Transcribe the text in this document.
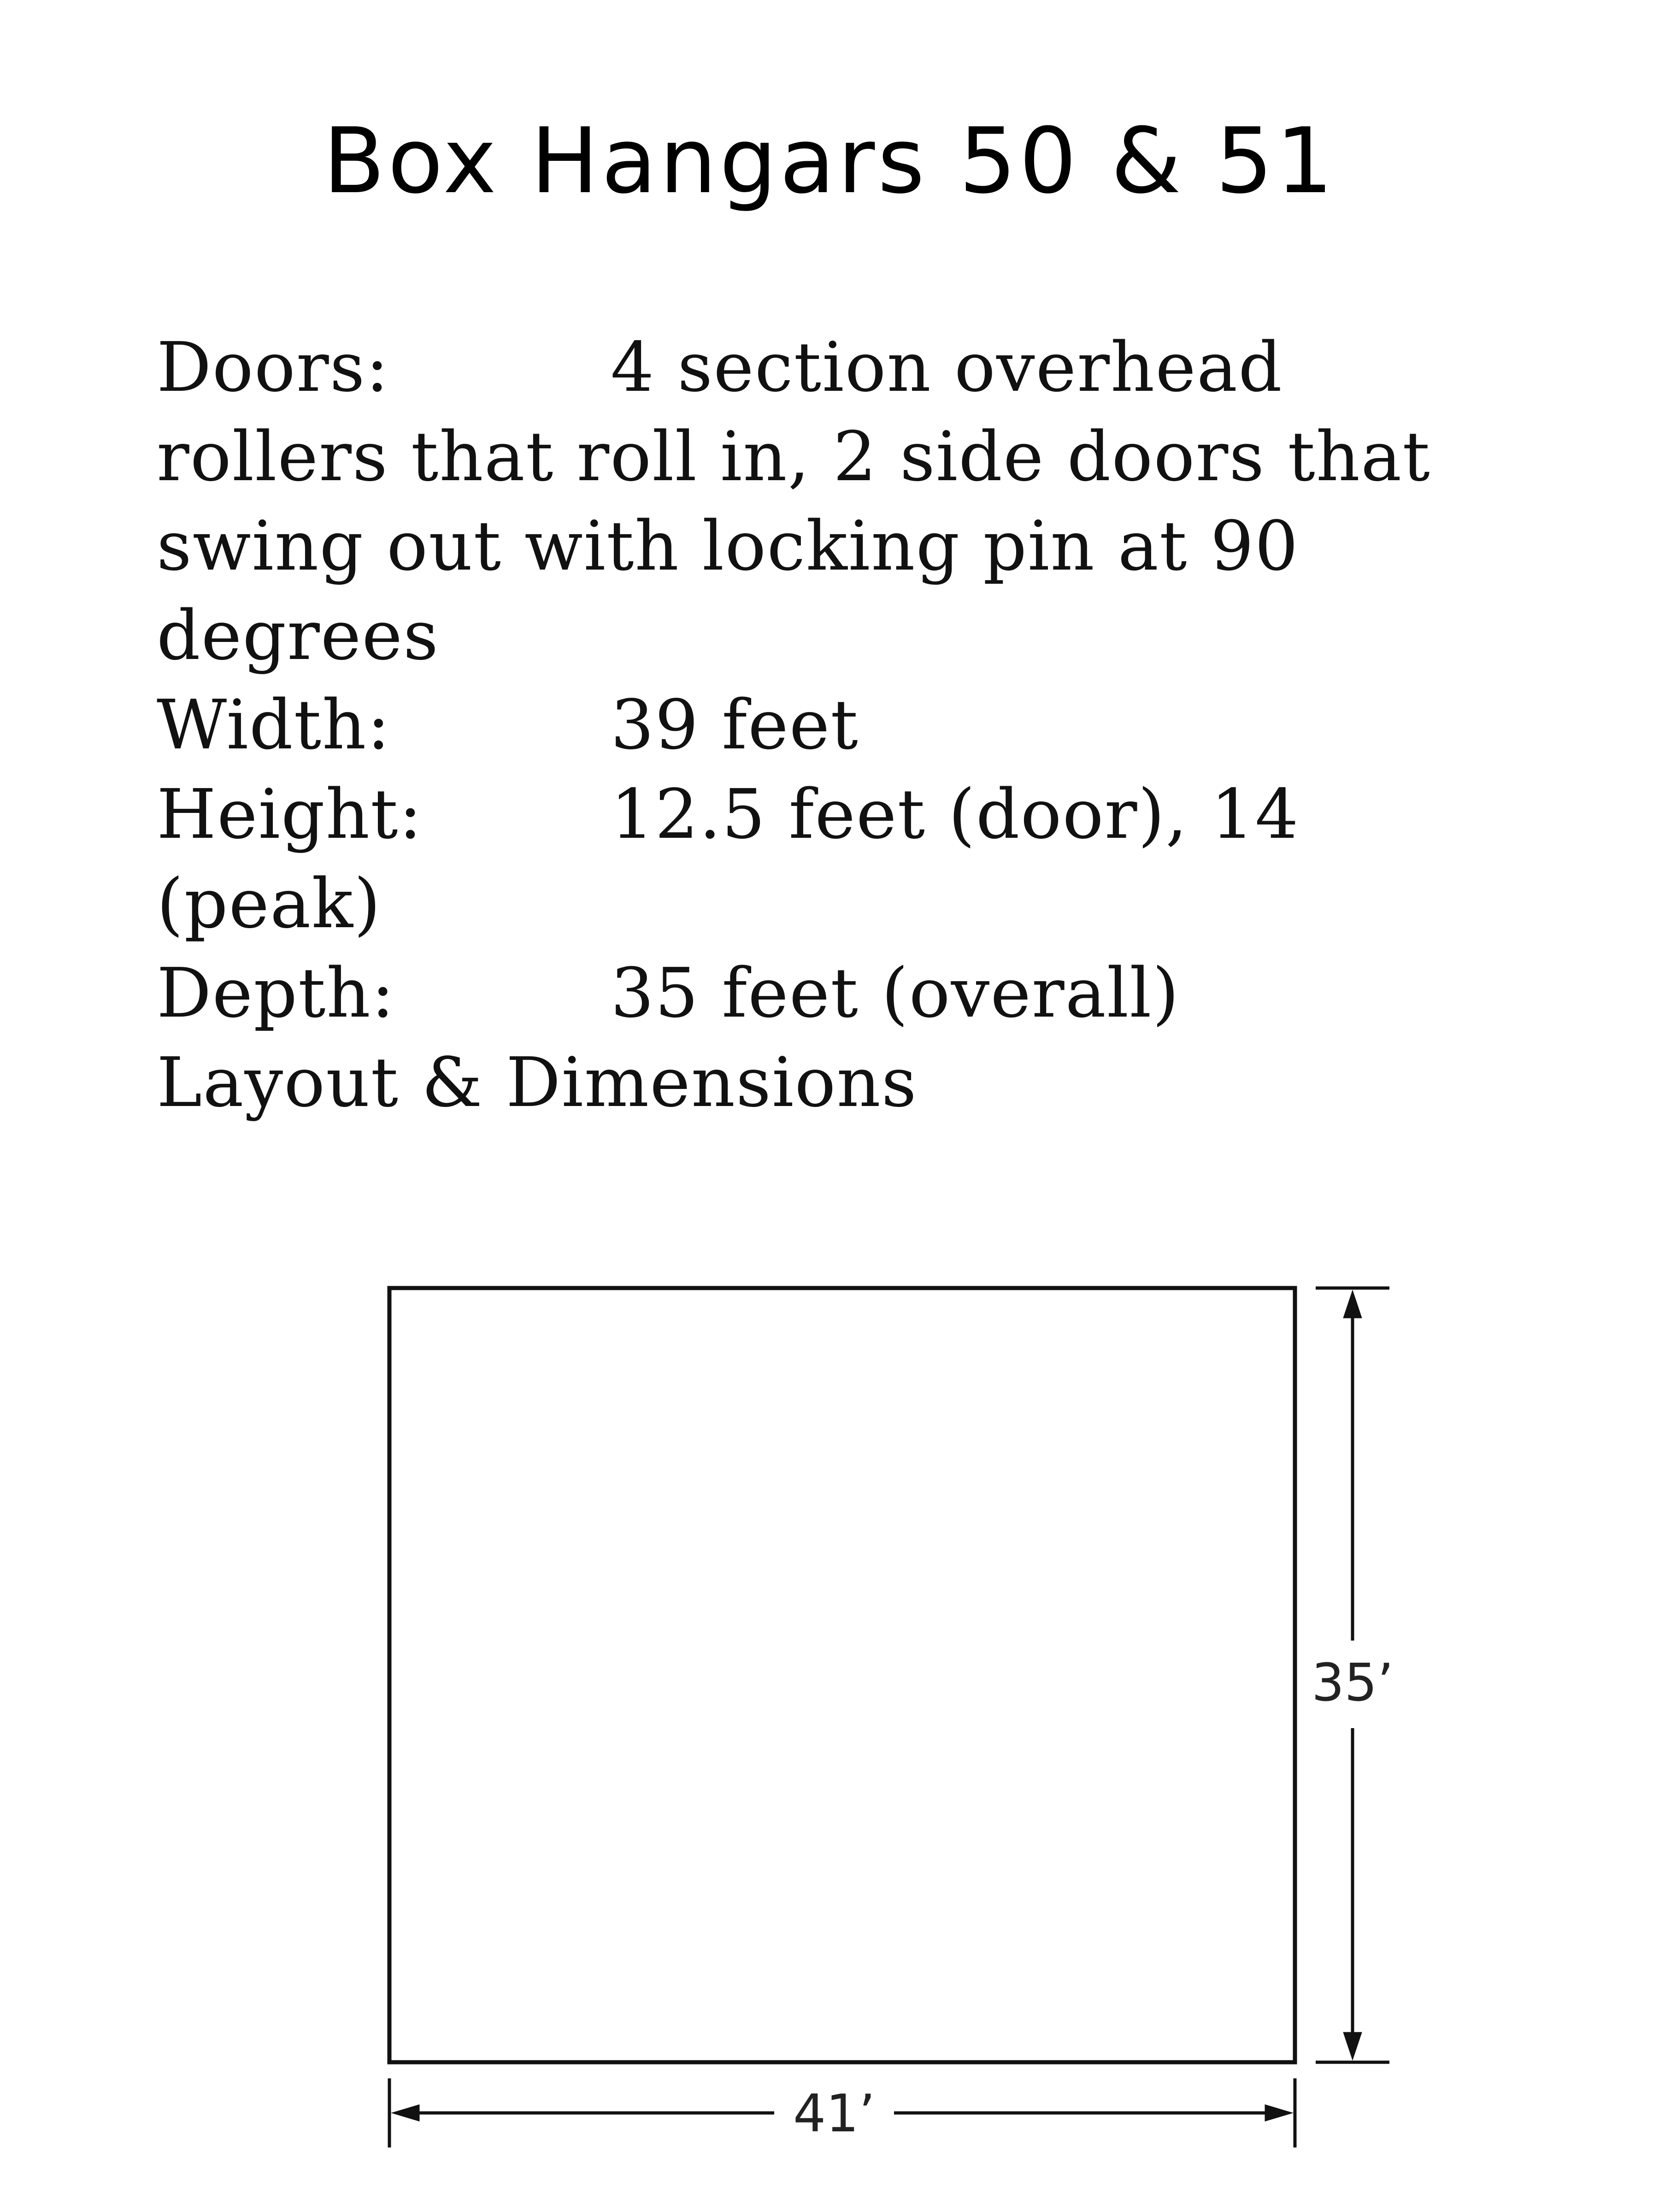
Box Hangars 50 & 51
Doors:	4 section overhead
rollers that roll in, 2 side doors that
swing out with locking pin at 90
degrees
Width:	39 feet
Height:	12.5 feet (door), 14
(peak)
Depth:	35 feet (overall)
Layout & Dimensions
35’
41’
